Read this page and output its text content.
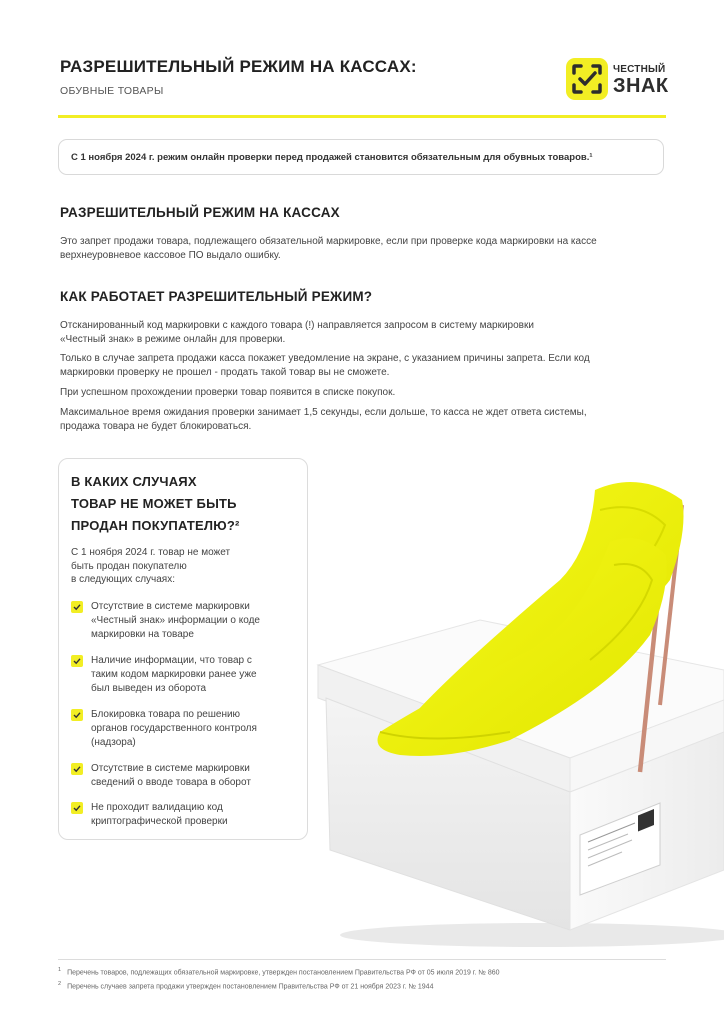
РАЗРЕШИТЕЛЬНЫЙ РЕЖИМ НА КАССАХ:
ОБУВНЫЕ ТОВАРЫ
ЧЕСТНЫЙ
ЗНАК
С 1 ноября 2024 г. режим онлайн проверки перед продажей становится обязательным для обувных товаров.¹
РАЗРЕШИТЕЛЬНЫЙ РЕЖИМ НА КАССАХ
Это запрет продажи товара, подлежащего обязательной маркировке, если при проверке кода маркировки на кассе
верхнеуровневое кассовое ПО выдало ошибку.
КАК РАБОТАЕТ РАЗРЕШИТЕЛЬНЫЙ РЕЖИМ?
Отсканированный код маркировки с каждого товара (!) направляется запросом в систему маркировки
«Честный знак» в режиме онлайн для проверки.
Только в случае запрета продажи касса покажет уведомление на экране, с указанием причины запрета. Если код
маркировки проверку не прошел - продать такой товар вы не сможете.
При успешном прохождении проверки товар появится в списке покупок.
Максимальное время ожидания проверки занимает 1,5 секунды, если дольше, то касса не ждет ответа системы,
продажа товара не будет блокироваться.
В КАКИХ СЛУЧАЯХ
ТОВАР НЕ МОЖЕТ БЫТЬ
ПРОДАН ПОКУПАТЕЛЮ?²
С 1 ноября 2024 г. товар не может
быть продан покупателю
в следующих случаях:
Отсутствие в системе маркировки
«Честный знак» информации о коде
маркировки на товаре
Наличие информации, что товар с
таким кодом маркировки ранее уже
был выведен из оборота
Блокировка товара по решению
органов государственного контроля
(надзора)
Отсутствие в системе маркировки
сведений о вводе товара в оборот
Не проходит валидацию код
криптографической проверки
$^1$ Перечень товаров, подлежащих обязательной маркировке, утвержден постановлением Правительства РФ от 05 июля 2019 г. № 860
$^2$ Перечень случаев запрета продажи утвержден постановлением Правительства РФ от 21 ноября 2023 г. № 1944
